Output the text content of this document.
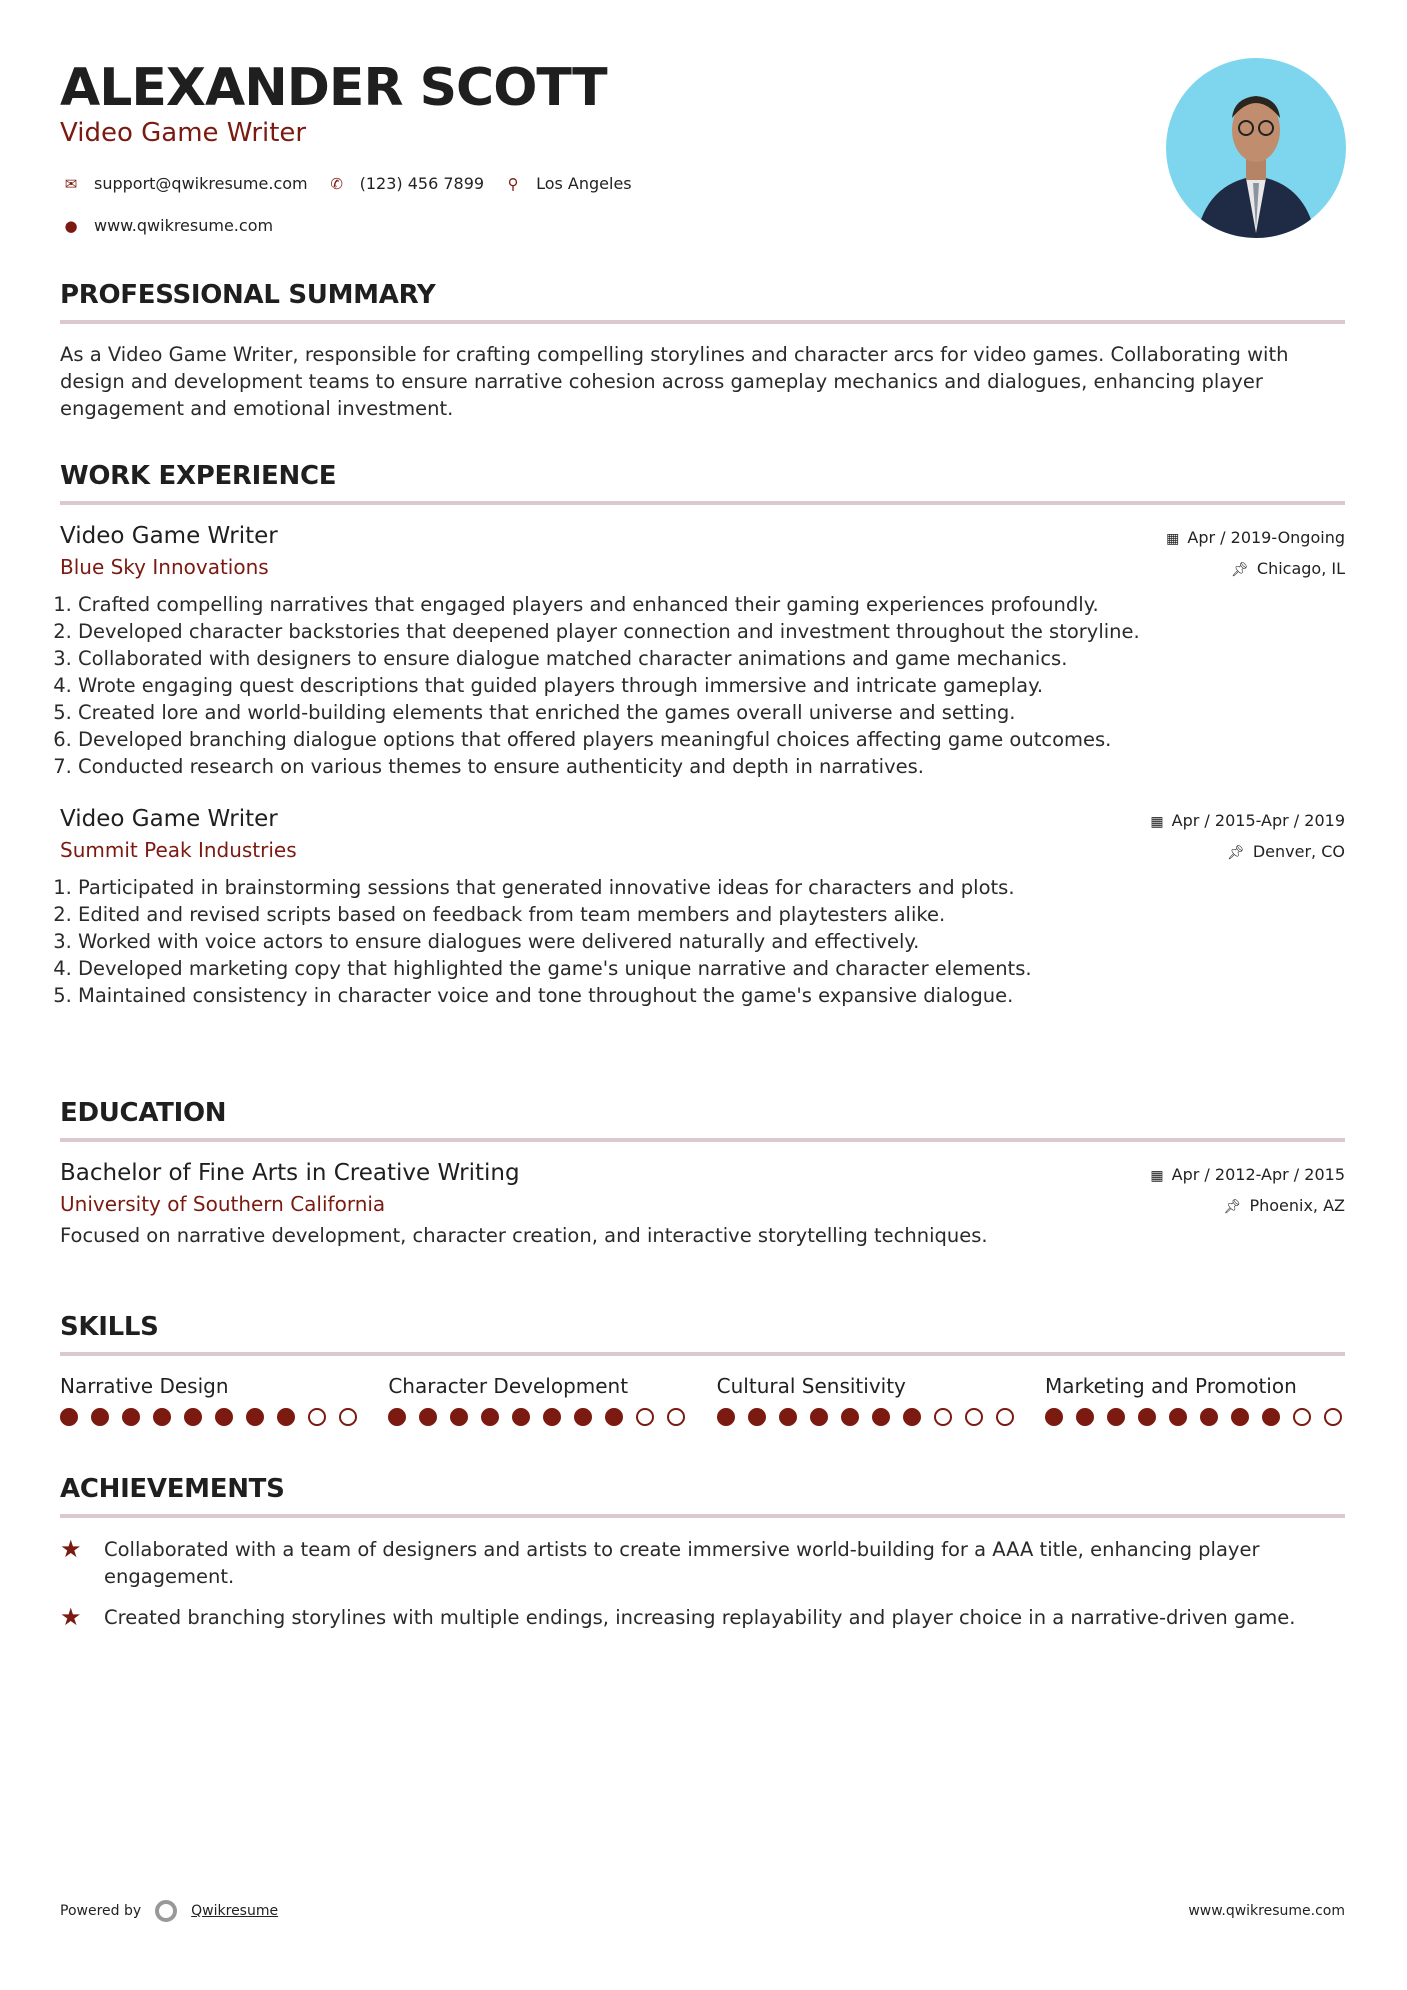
ALEXANDER SCOTT
Video Game Writer
✉ support@qwikresume.com	✆ (123) 456 7899	⚲	Los Angeles
● www.qwikresume.com
PROFESSIONAL SUMMARY
As a Video Game Writer, responsible for crafting compelling storylines and character arcs for video games. Collaborating with design and development teams to ensure narrative cohesion across gameplay mechanics and dialogues, enhancing player engagement and emotional investment.
WORK EXPERIENCE
Video Game Writer	▦ Apr / 2019-Ongoing
Blue Sky Innovations	📌︎ Chicago, IL
1. Crafted compelling narratives that engaged players and enhanced their gaming experiences profoundly.
2. Developed character backstories that deepened player connection and investment throughout the storyline.
3. Collaborated with designers to ensure dialogue matched character animations and game mechanics.
4. Wrote engaging quest descriptions that guided players through immersive and intricate gameplay.
5. Created lore and world-building elements that enriched the games overall universe and setting.
6. Developed branching dialogue options that offered players meaningful choices affecting game outcomes.
7. Conducted research on various themes to ensure authenticity and depth in narratives.
Video Game Writer	▦ Apr / 2015-Apr / 2019
Summit Peak Industries	📌︎ Denver, CO
1. Participated in brainstorming sessions that generated innovative ideas for characters and plots.
2. Edited and revised scripts based on feedback from team members and playtesters alike.
3. Worked with voice actors to ensure dialogues were delivered naturally and effectively.
4. Developed marketing copy that highlighted the game's unique narrative and character elements.
5. Maintained consistency in character voice and tone throughout the game's expansive dialogue.
EDUCATION
Bachelor of Fine Arts in Creative Writing	▦ Apr / 2012-Apr / 2015
University of Southern California	📌︎ Phoenix, AZ
Focused on narrative development, character creation, and interactive storytelling techniques.
SKILLS
Narrative Design	Character Development	Cultural Sensitivity	Marketing and Promotion
ACHIEVEMENTS
★	Collaborated with a team of designers and artists to create immersive world-building for a AAA title, enhancing player engagement.
★	Created branching storylines with multiple endings, increasing replayability and player choice in a narrative-driven game.
Powered by	Qwikresume	www.qwikresume.com
